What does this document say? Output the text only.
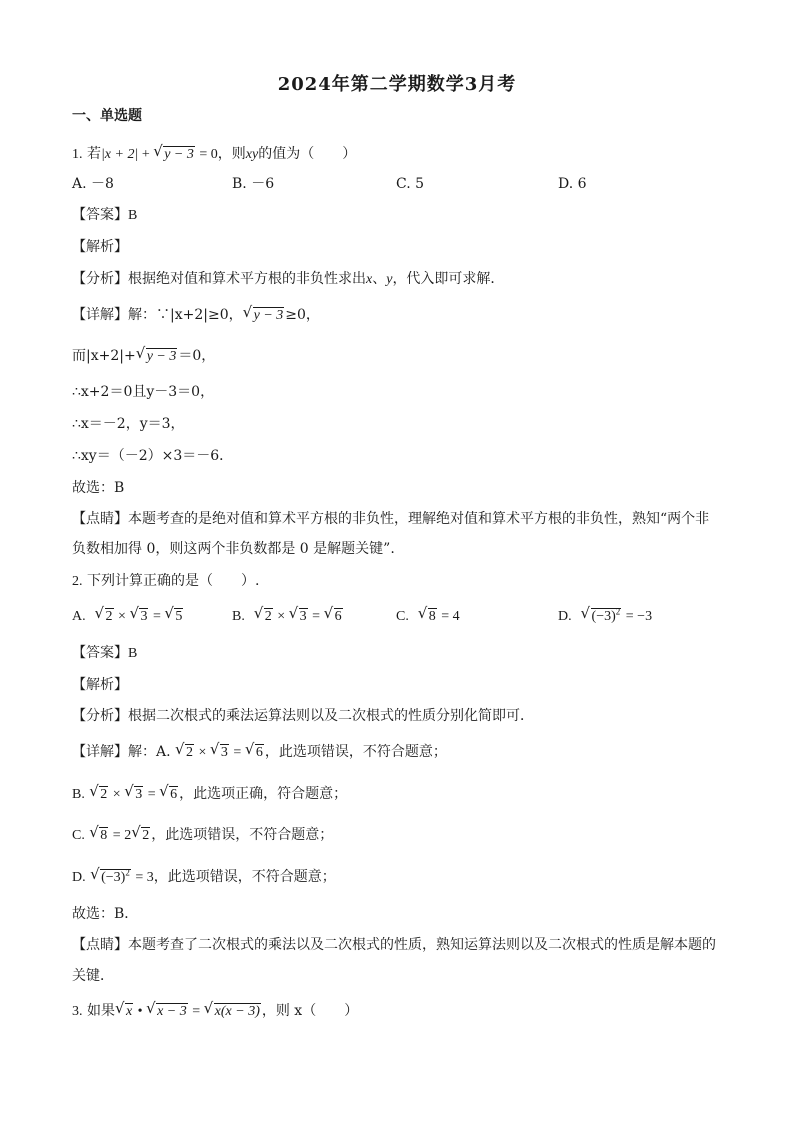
2024年第二学期数学3月考
一、单选题
1. 若|x + 2| + √ y − 3 = 0，则xy的值为（　　）
A. －8	B. －6	C. 5	D. 6
【答案】B
【解析】
【分析】根据绝对值和算术平方根的非负性求出x、y，代入即可求解．
【详解】解：∵|x+2|≥0， √ y − 3 ≥0，
而|x+2|+ √ y − 3 ＝0，
∴x+2＝0且y－3＝0，
∴x＝－2，y＝3，
∴xy＝（－2）×3＝－6．
故选：B
【点睛】本题考查的是绝对值和算术平方根的非负性，理解绝对值和算术平方根的非负性，熟知“两个非
负数相加得 0，则这两个非负数都是 0 是解题关键”.
2. 下列计算正确的是（　　）.
A. √ 2 × √ 3 = √ 5	B. √ 2 × √ 3 = √ 6	C. √ 8 = 4	D. √ $(-3)^2 = -3$
【答案】B
【解析】
【分析】根据二次根式的乘法运算法则以及二次根式的性质分别化简即可．
【详解】解：A. √ 2 × √ 3 = √ 6 ，此选项错误，不符合题意；
B. √ 2 × √ 3 = √ 6 ，此选项正确，符合题意；
C. √ 8 = 2 √ 2 ，此选项错误，不符合题意；
D. √ $(-3)^2 = 3$，此选项错误，不符合题意；
故选：B．
【点睛】本题考查了二次根式的乘法以及二次根式的性质，熟知运算法则以及二次根式的性质是解本题的
关键．
3. 如果 √ x • √ x − 3 = √ x(x − 3) ，则 x（　　）
